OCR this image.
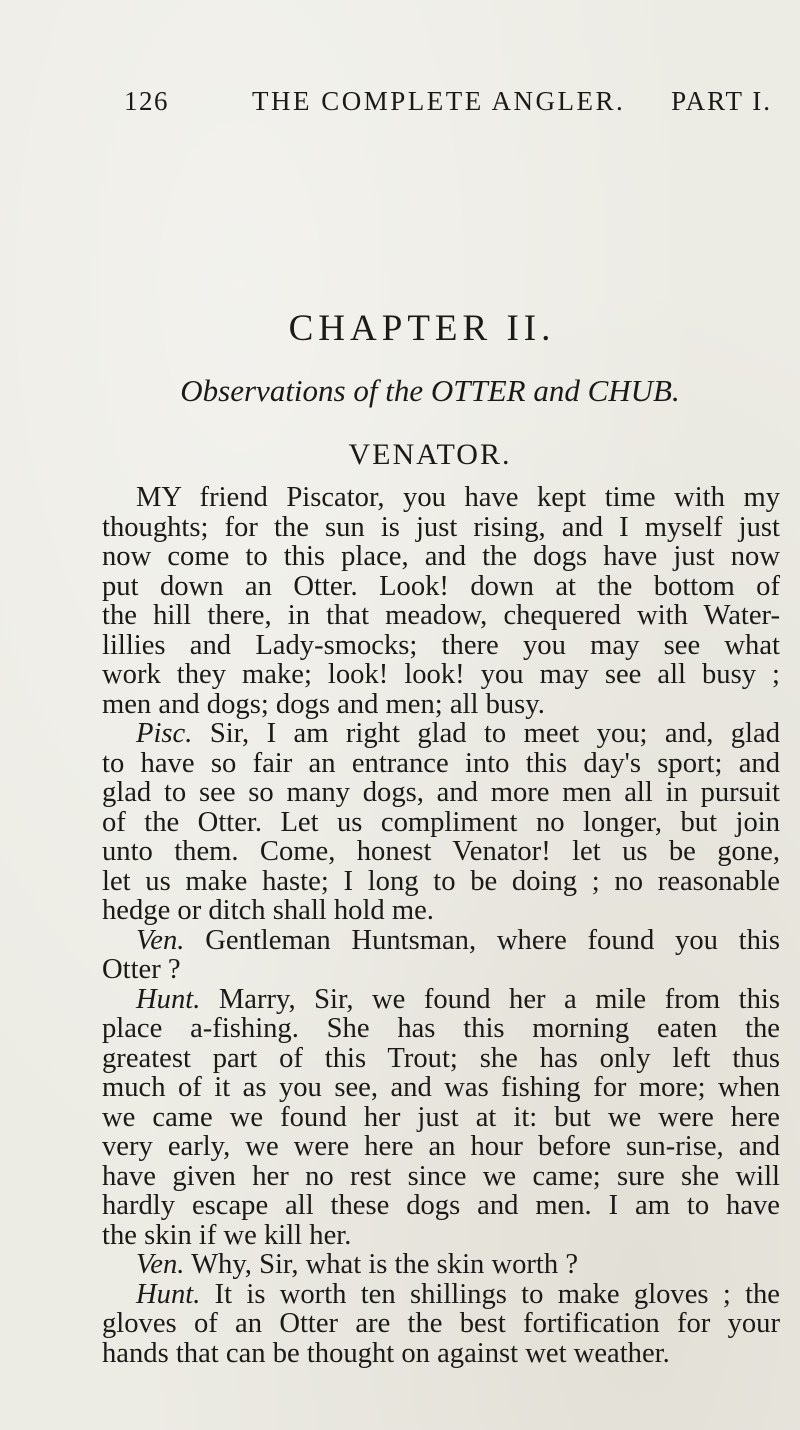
126	THE COMPLETE ANGLER. PART I.
CHAPTER II.
Observations of the OTTER and CHUB.
VENATOR.
MY friend Piscator, you have kept time with my
thoughts; for the sun is just rising, and I myself just
now come to this place, and the dogs have just now
put down an Otter. Look! down at the bottom of
the hill there, in that meadow, chequered with Water-
lillies and Lady-smocks; there you may see what
work they make; look! look! you may see all busy ;
men and dogs; dogs and men; all busy.
Pisc. Sir, I am right glad to meet you; and, glad
to have so fair an entrance into this day's sport; and
glad to see so many dogs, and more men all in pursuit
of the Otter. Let us compliment no longer, but join
unto them. Come, honest Venator! let us be gone,
let us make haste; I long to be doing ; no reasonable
hedge or ditch shall hold me.
Ven. Gentleman Huntsman, where found you this
Otter ?
Hunt. Marry, Sir, we found her a mile from this
place a-fishing. She has this morning eaten the
greatest part of this Trout; she has only left thus
much of it as you see, and was fishing for more; when
we came we found her just at it: but we were here
very early, we were here an hour before sun-rise, and
have given her no rest since we came; sure she will
hardly escape all these dogs and men. I am to have
the skin if we kill her.
Ven. Why, Sir, what is the skin worth ?
Hunt. It is worth ten shillings to make gloves ; the
gloves of an Otter are the best fortification for your
hands that can be thought on against wet weather.
